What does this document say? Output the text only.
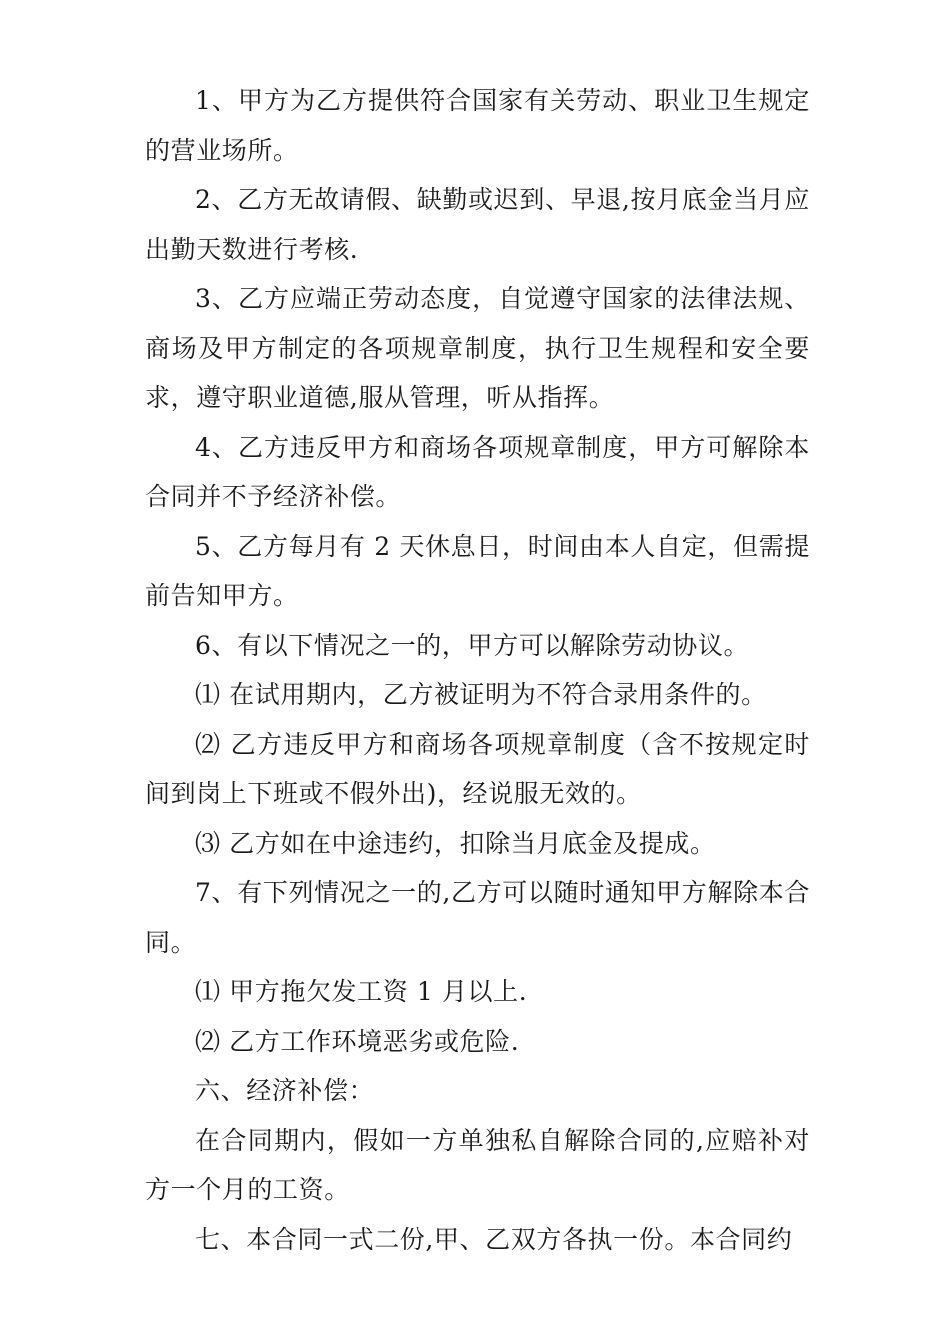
1、甲方为乙方提供符合国家有关劳动、职业卫生规定的营业场所。

2、乙方无故请假、缺勤或迟到、早退,按月底金当月应出勤天数进行考核.

3、乙方应端正劳动态度，自觉遵守国家的法律法规、商场及甲方制定的各项规章制度，执行卫生规程和安全要求，遵守职业道德,服从管理，听从指挥。

4、乙方违反甲方和商场各项规章制度，甲方可解除本合同并不予经济补偿。

5、乙方每月有 2 天休息日，时间由本人自定，但需提前告知甲方。

6、有以下情况之一的，甲方可以解除劳动协议。

⑴ 在试用期内，乙方被证明为不符合录用条件的。

⑵ 乙方违反甲方和商场各项规章制度（含不按规定时间到岗上下班或不假外出)，经说服无效的。

⑶ 乙方如在中途违约，扣除当月底金及提成。

7、有下列情况之一的,乙方可以随时通知甲方解除本合同。

⑴ 甲方拖欠发工资 1 月以上.

⑵ 乙方工作环境恶劣或危险.

六、经济补偿：

在合同期内，假如一方单独私自解除合同的,应赔补对方一个月的工资。

七、本合同一式二份,甲、乙双方各执一份。本合同约
